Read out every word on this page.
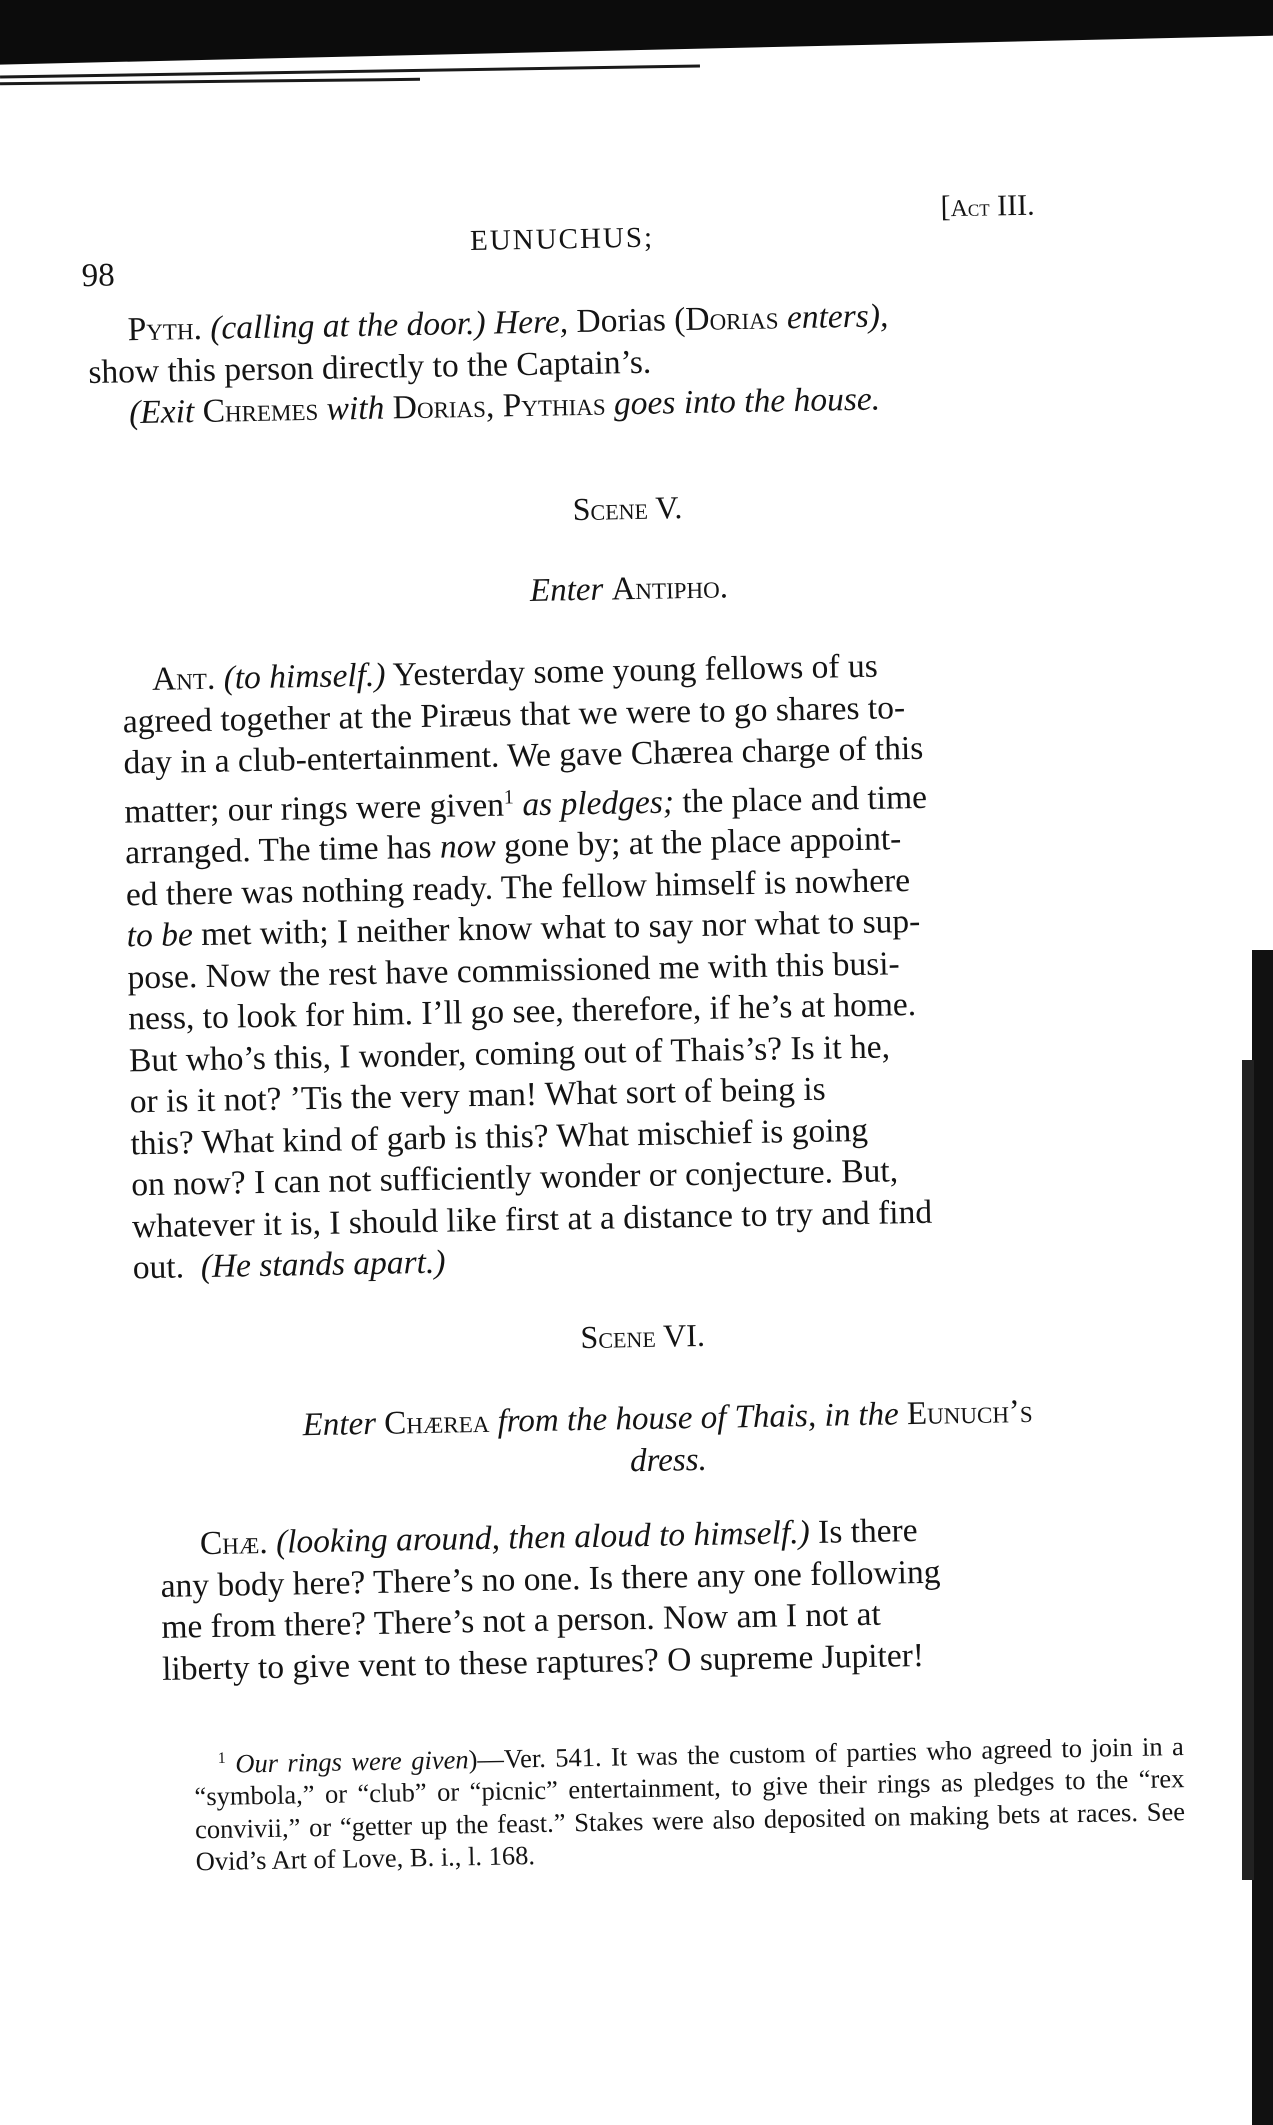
98
EUNUCHUS;
[Act III.
Pyth. (calling at the door.) Here, Dorias (Dorias enters),
show this person directly to the Captain’s.
(Exit Chremes with Dorias, Pythias goes into the house.
Scene V.
Enter Antipho.
Ant. (to himself.) Yesterday some young fellows of us
agreed together at the Piræus that we were to go shares to-
day in a club-entertainment. We gave Chærea charge of this
matter; our rings were given$^1$ as pledges; the place and time
arranged. The time has now gone by; at the place appoint-
ed there was nothing ready. The fellow himself is nowhere
to be met with; I neither know what to say nor what to sup-
pose. Now the rest have commissioned me with this busi-
ness, to look for him. I’ll go see, therefore, if he’s at home.
But who’s this, I wonder, coming out of Thais’s? Is it he,
or is it not? ’Tis the very man! What sort of being is
this? What kind of garb is this? What mischief is going
on now? I can not sufficiently wonder or conjecture. But,
whatever it is, I should like first at a distance to try and find
out. (He stands apart.)
Scene VI.
Enter Chærea from the house of Thais, in the Eunuch’s
dress.
Chæ. (looking around, then aloud to himself.) Is there
any body here? There’s no one. Is there any one following
me from there? There’s not a person. Now am I not at
liberty to give vent to these raptures? O supreme Jupiter!
$^1$ Our rings were given)—Ver. 541. It was the custom of parties who agreed to join in a “symbola,” or “club” or “picnic” entertainment, to give their rings as pledges to the “rex convivii,” or “getter up the feast.” Stakes were also deposited on making bets at races. See Ovid’s Art of Love, B. i., l. 168.
